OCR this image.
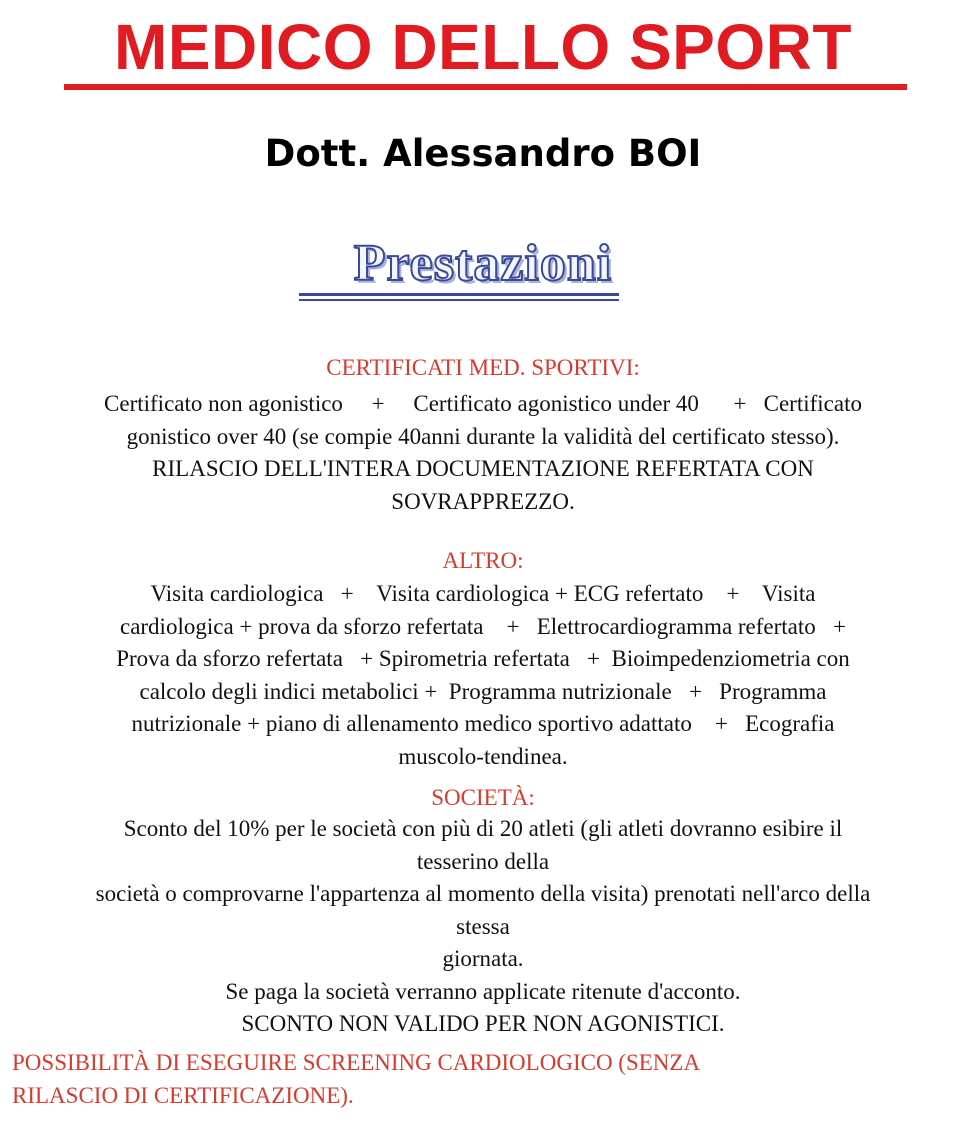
MEDICO DELLO SPORT
Dott. Alessandro BOI
Prestazioni
CERTIFICATI MED. SPORTIVI:
Certificato non agonistico     +     Certificato agonistico under 40      +   Certificato
gonistico over 40 (se compie 40anni durante la validità del certificato stesso).
RILASCIO DELL'INTERA DOCUMENTAZIONE REFERTATA CON
SOVRAPPREZZO.
ALTRO:
Visita cardiologica   +    Visita cardiologica + ECG refertato    +    Visita
cardiologica + prova da sforzo refertata    +   Elettrocardiogramma refertato   +
Prova da sforzo refertata   + Spirometria refertata   +  Bioimpedenziometria con
calcolo degli indici metabolici +  Programma nutrizionale   +   Programma
nutrizionale + piano di allenamento medico sportivo adattato    +   Ecografia
muscolo-tendinea.
SOCIETÀ:
Sconto del 10% per le società con più di 20 atleti (gli atleti dovranno esibire il
tesserino della
società o comprovarne l'appartenza al momento della visita) prenotati nell'arco della
stessa
giornata.
Se paga la società verranno applicate ritenute d'acconto.
SCONTO NON VALIDO PER NON AGONISTICI.
POSSIBILITÀ DI ESEGUIRE SCREENING CARDIOLOGICO (SENZA
RILASCIO DI CERTIFICAZIONE).
